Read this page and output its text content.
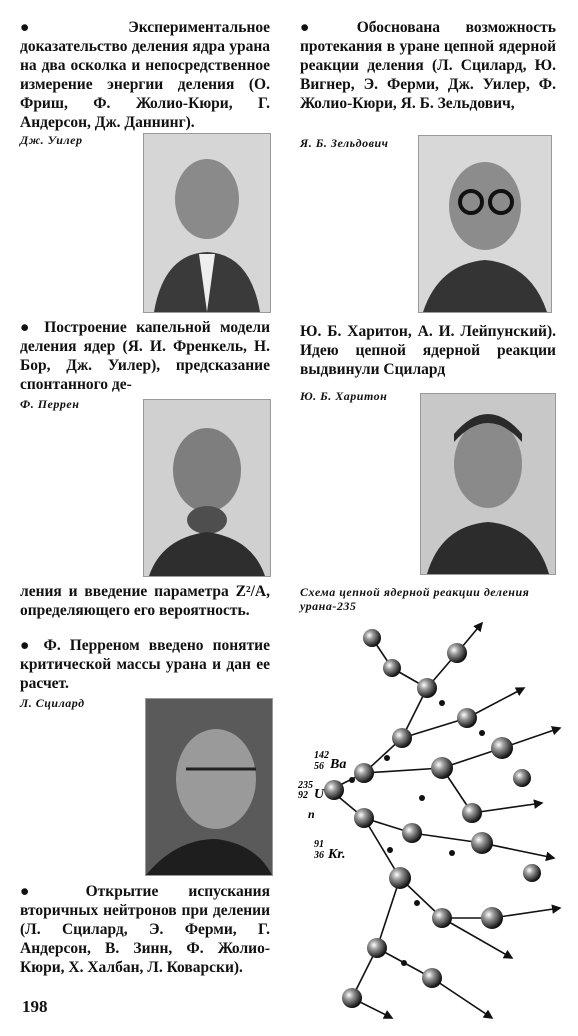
● Экспериментальное доказательство деления ядра урана на два осколка и непосредственное измерение энергии деления (О. Фриш, Ф. Жолио-Кюри, Г. Андерсон, Дж. Даннинг).

Дж. Уилер

● Построение капельной модели деления ядер (Я. И. Френкель, Н. Бор, Дж. Уилер), предсказание спонтанного де-

Ф. Перрен

ления и введение параметра Z²/A, определяющего его вероятность.

● Ф. Перреном введено понятие критической массы урана и дан ее расчет.

Л. Сцилард

● Открытие испускания вторичных нейтронов при делении (Л. Сцилард, Э. Ферми, Г. Андерсон, В. Зинн, Ф. Жолио-Кюри, Х. Халбан, Л. Коварски).

● Обоснована возможность протекания в уране цепной ядерной реакции деления (Л. Сцилард, Ю. Вигнер, Э. Ферми, Дж. Уилер, Ф. Жолио-Кюри, Я. Б. Зельдович,

Я. Б. Зельдович

Ю. Б. Харитон, А. И. Лейпунский). Идею цепной ядерной реакции выдвинули Сцилард

Ю. Б. Харитон

Схема цепной ядерной реакции деления урана-235

142
56 Ba
235
92 U
n
91
36 Kr.
198
